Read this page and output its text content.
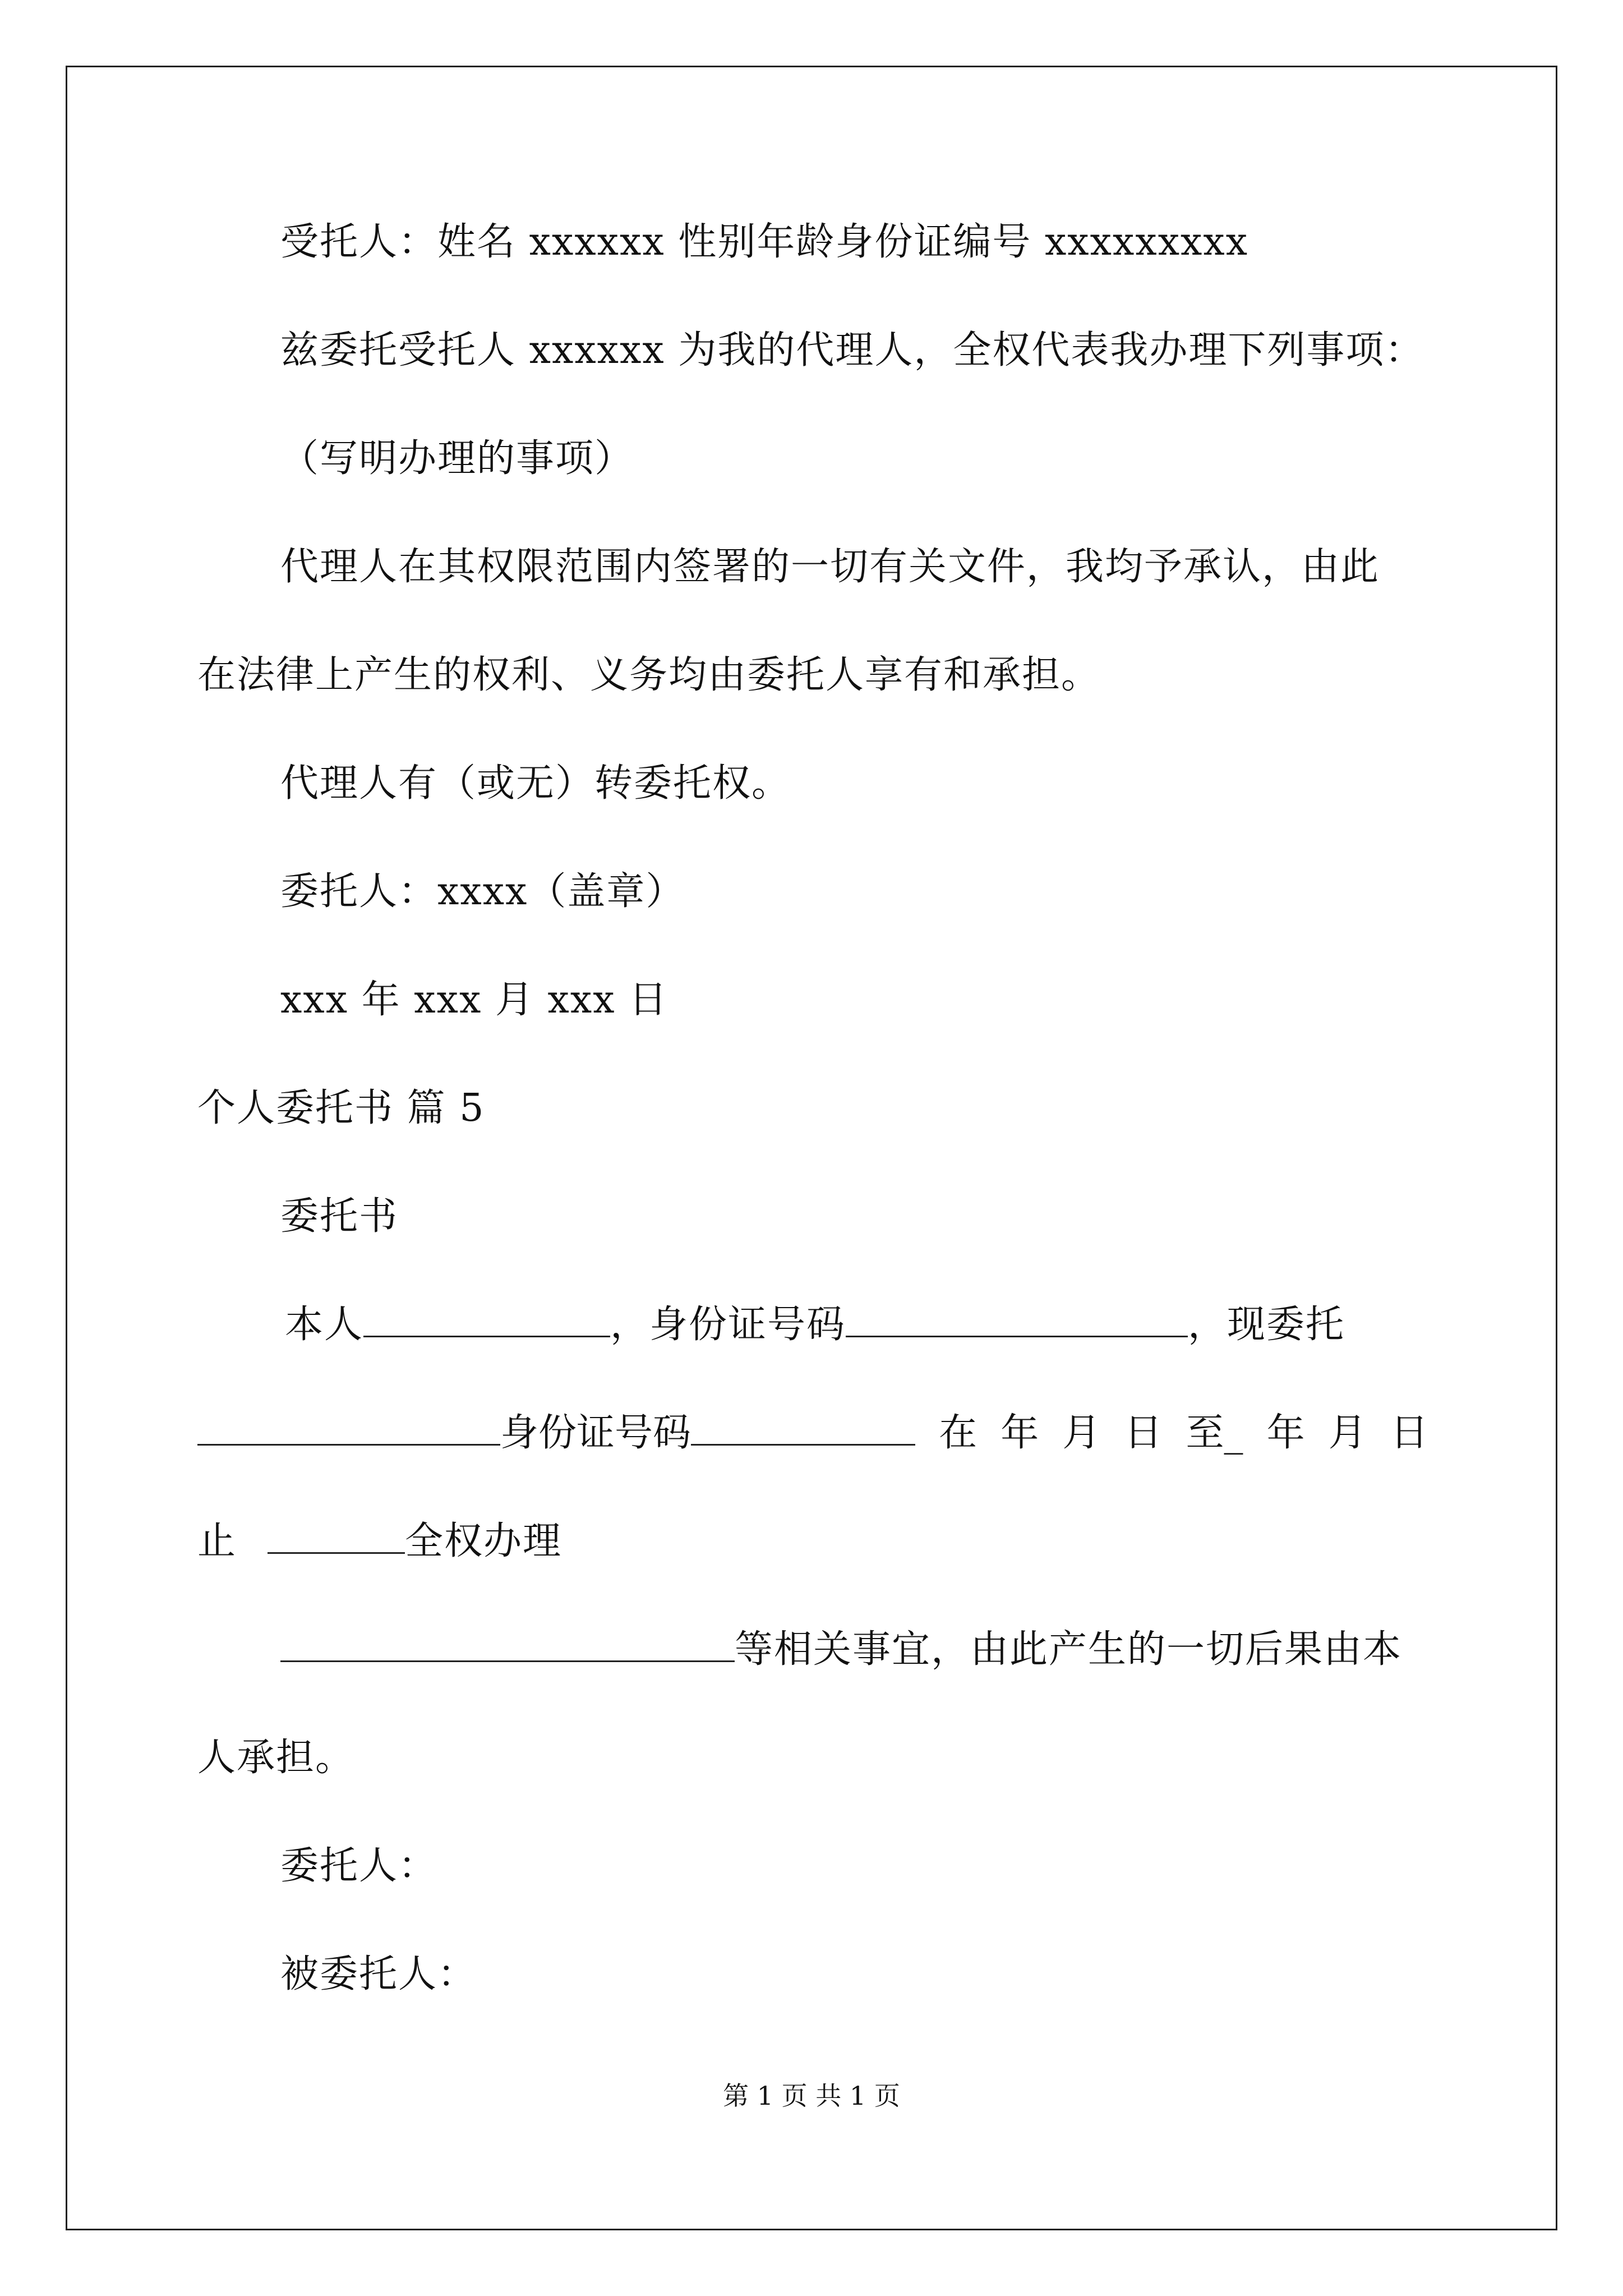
受托人：姓名 xxxxxx 性别年龄身份证编号 xxxxxxxxx
兹委托受托人 xxxxxx 为我的代理人，全权代表我办理下列事项：
（写明办理的事项）
代理人在其权限范围内签署的一切有关文件，我均予承认，由此
在法律上产生的权利、义务均由委托人享有和承担。
代理人有（或无）转委托权。
委托人：xxxx（盖章）
xxx 年 xxx 月 xxx 日
个人委托书 篇 5
委托书
本人	，身份证号码	，现委托
身份证号码	在 年 月 日 至_ 年 月 日
止	全权办理
等相关事宜，由此产生的一切后果由本
人承担。
委托人：
被委托人：
第 1 页 共 1 页
